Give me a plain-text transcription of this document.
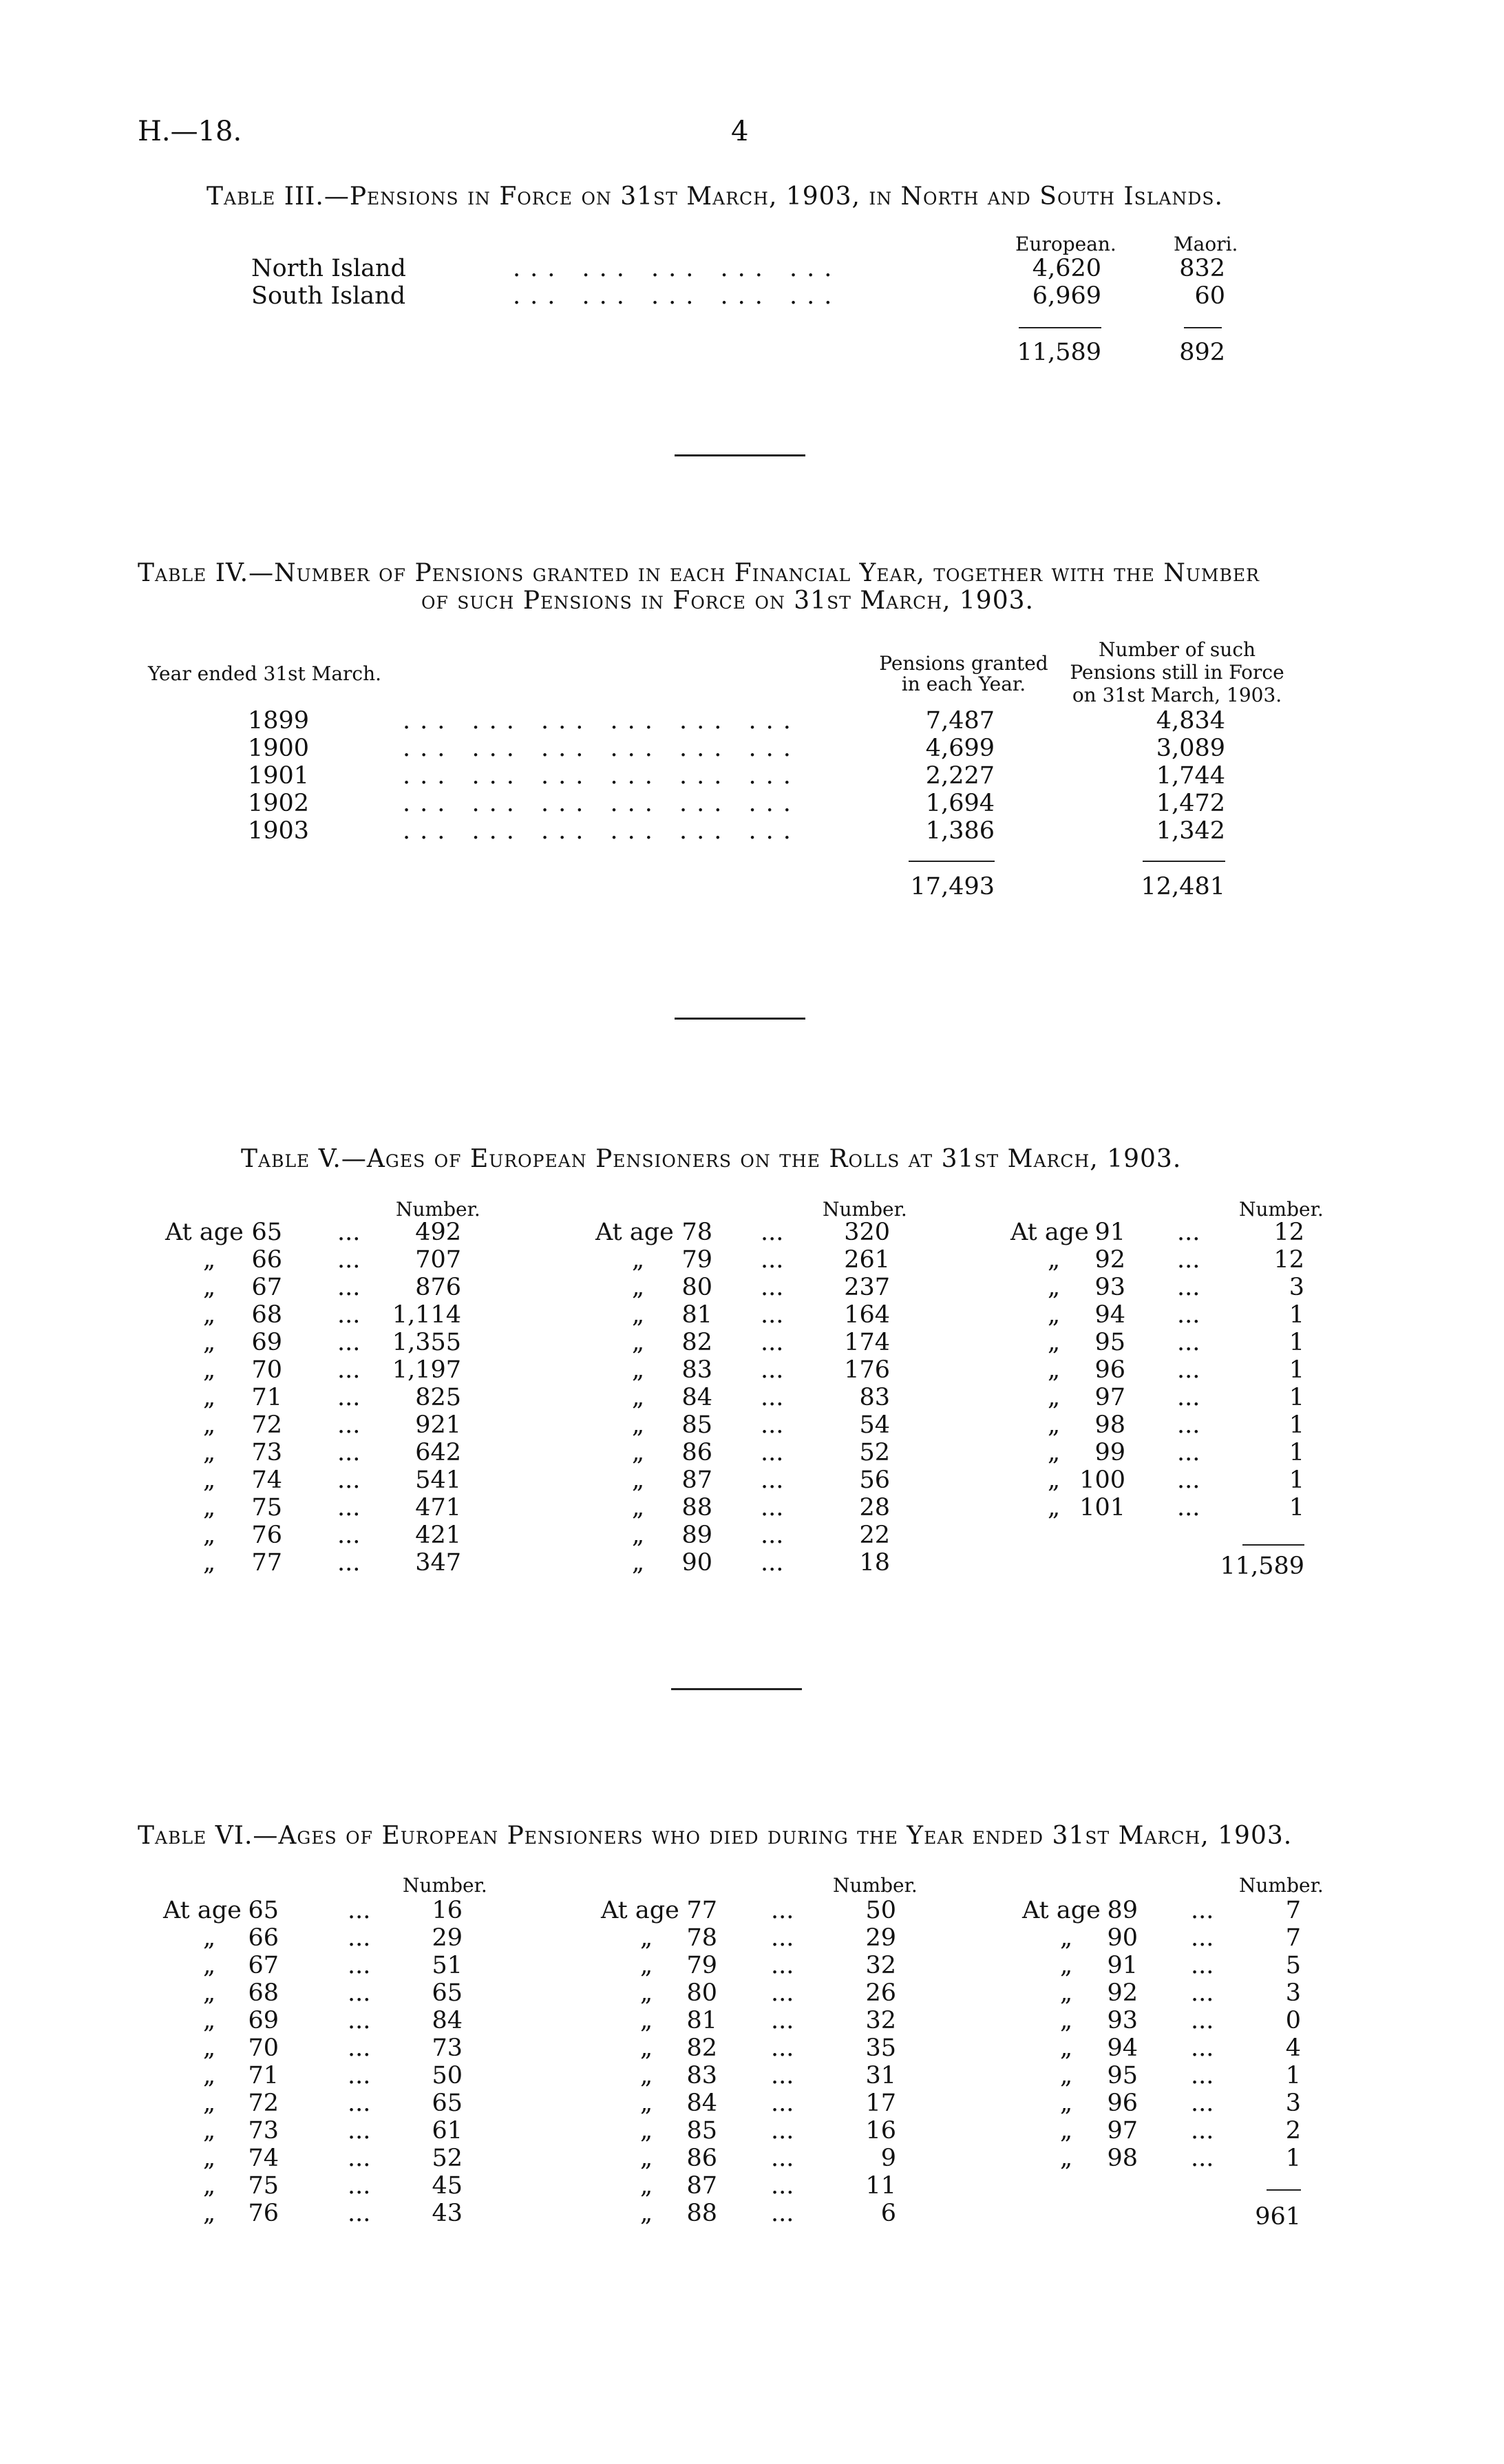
H.—18.	4
Table III.—Pensions in Force on 31st March, 1903, in North and South Islands.
European.	Maori.
North Island	... ... ... ... ...	4,620	832
South Island	... ... ... ... ...	6,969	60
11,589	892
Table IV.—Number of Pensions granted in each Financial Year, together with the Number
of such Pensions in Force on 31st March, 1903.
Year ended 31st March.	Pensions granted
in each Year.
Number of such
Pensions still in Force
on 31st March, 1903.
1899	... ... ... ... ... ...	7,487	4,834
1900	... ... ... ... ... ...	4,699	3,089
1901	... ... ... ... ... ...	2,227	1,744
1902	... ... ... ... ... ...	1,694	1,472
1903	... ... ... ... ... ...	1,386	1,342
17,493	12,481
Table V.—Ages of European Pensioners on the Rolls at 31st March, 1903.
Number.	Number.	Number.
At age 65 ...	492
„	66 ...	707
„	67 ...	876
„	68 ...	1,114
„	69 ...	1,355
„	70 ...	1,197
„	71 ...	825
„	72 ...	921
„	73 ...	642
„	74 ...	541
„	75 ...	471
„	76 ...	421
„	77 ...	347
At age 78 ...	320
„	79 ...	261
„	80 ...	237
„	81 ...	164
„	82 ...	174
„	83 ...	176
„	84 ...	83
„	85 ...	54
„	86 ...	52
„	87 ...	56
„	88 ...	28
„	89 ...	22
„	90 ...	18
At age 91 ...	12
„	92 ...	12
„	93 ...	3
„	94 ...	1
„	95 ...	1
„	96 ...	1
„	97 ...	1
„	98 ...	1
„	99 ...	1
„ 100 ...	1
„ 101 ...	1
11,589
Table VI.—Ages of European Pensioners who died during the Year ended 31st March, 1903.
Number.	Number.	Number.
At age 65	...	16
„	66	...	29
„	67	...	51
„	68	...	65
„	69	...	84
„	70	...	73
„	71	...	50
„	72	...	65
„	73	...	61
„	74	...	52
„	75	...	45
„	76	...	43
At age 77 ...	50
„	78 ...	29
„	79 ...	32
„	80 ...	26
„	81 ...	32
„	82 ...	35
„	83 ...	31
„	84 ...	17
„	85 ...	16
„	86 ...	9
„	87 ...	11
„	88 ...	6
At age 89 ...	7
„	90 ...	7
„	91 ...	5
„	92 ...	3
„	93 ...	0
„	94 ...	4
„	95 ...	1
„	96 ...	3
„	97 ...	2
„	98 ...	1
961
